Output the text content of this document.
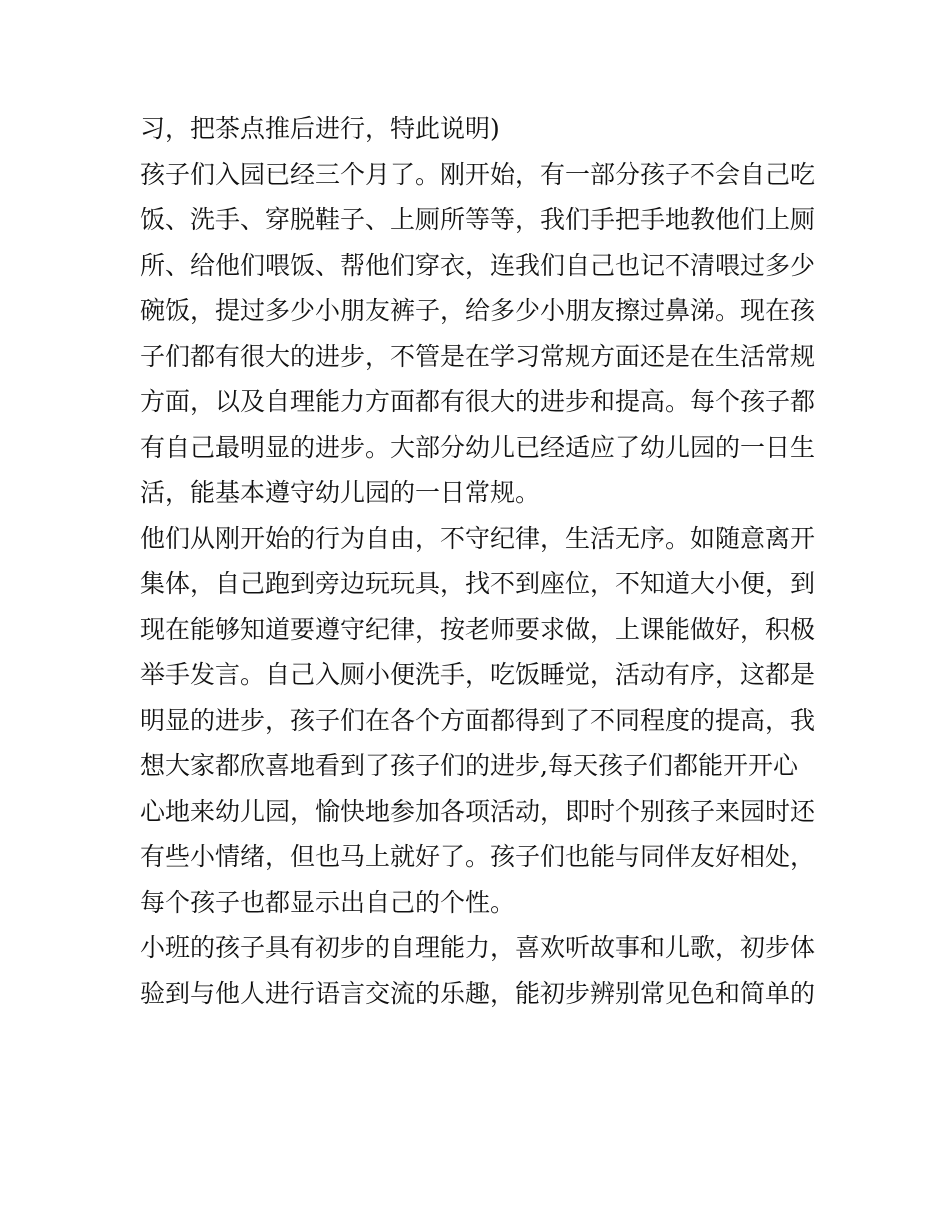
习，把茶点推后进行，特此说明)
孩子们入园已经三个月了。刚开始，有一部分孩子不会自己吃
饭、洗手、穿脱鞋子、上厕所等等，我们手把手地教他们上厕
所、给他们喂饭、帮他们穿衣，连我们自己也记不清喂过多少
碗饭，提过多少小朋友裤子，给多少小朋友擦过鼻涕。现在孩
子们都有很大的进步，不管是在学习常规方面还是在生活常规
方面，以及自理能力方面都有很大的进步和提高。每个孩子都
有自己最明显的进步。大部分幼儿已经适应了幼儿园的一日生
活，能基本遵守幼儿园的一日常规。
他们从刚开始的行为自由，不守纪律，生活无序。如随意离开
集体，自己跑到旁边玩玩具，找不到座位，不知道大小便，到
现在能够知道要遵守纪律，按老师要求做，上课能做好，积极
举手发言。自己入厕小便洗手，吃饭睡觉，活动有序，这都是
明显的进步，孩子们在各个方面都得到了不同程度的提高，我
想大家都欣喜地看到了孩子们的进步,每天孩子们都能开开心
心地来幼儿园，愉快地参加各项活动，即时个别孩子来园时还
有些小情绪，但也马上就好了。孩子们也能与同伴友好相处，
每个孩子也都显示出自己的个性。
小班的孩子具有初步的自理能力，喜欢听故事和儿歌，初步体
验到与他人进行语言交流的乐趣，能初步辨别常见色和简单的
